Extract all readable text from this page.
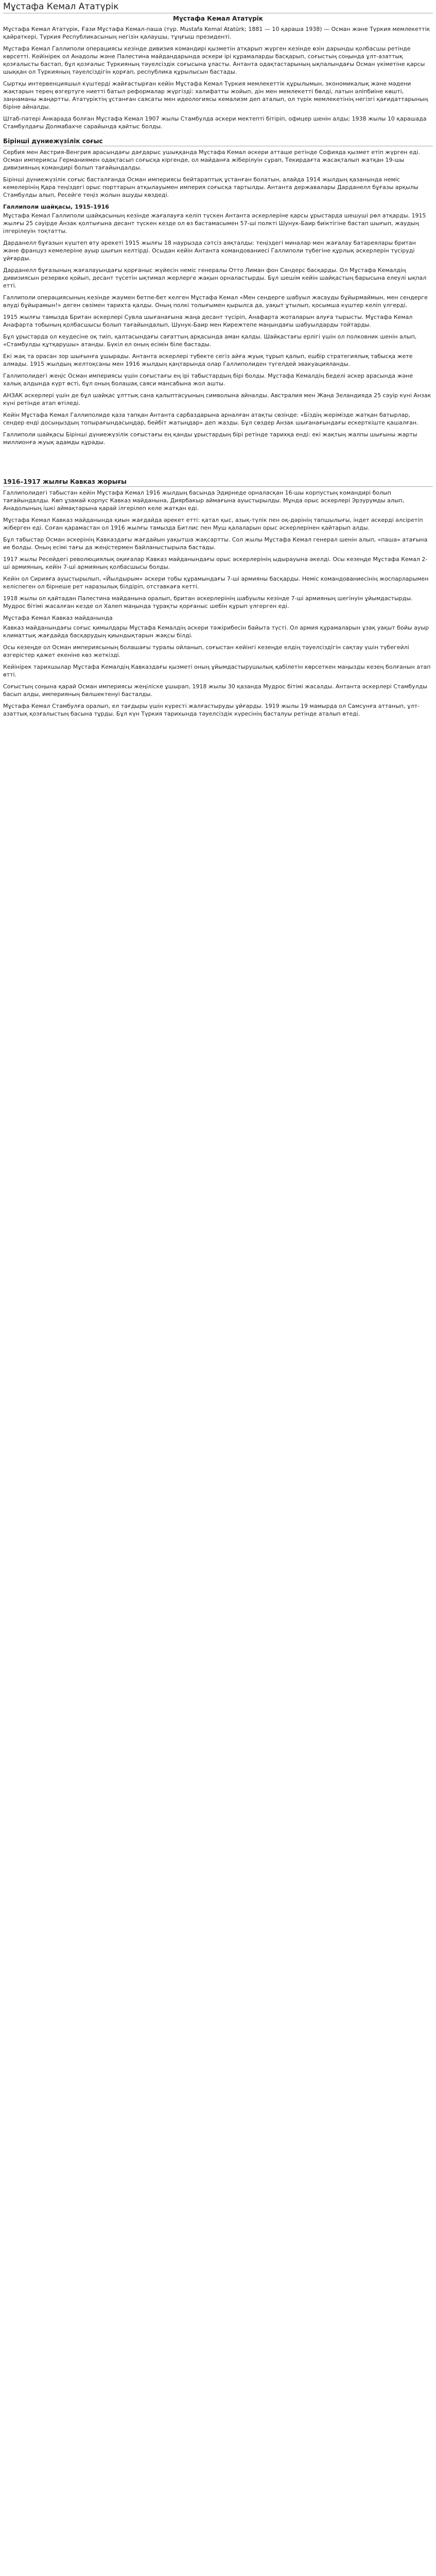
Мұстафа Кемал Ататүрік
Мұстафа Кемал Ататүрік

Мұстафа Кемал Ататүрік, Ғази Мұстафа Кемал-паша (түр. Mustafa Kemal Atatürk; 1881 — 10 қараша 1938) — Осман және Түркия мемлекеттік қайраткері, Түркия Республикасының негізін қалаушы, тұңғыш президенті.

Мұстафа Кемал Галлиполи операциясы кезінде дивизия командирі қызметін атқарып жүрген кезінде өзін дарынды қолбасшы ретінде көрсетті. Кейінірек ол Анадолы және Палестина майдандарында әскери ірі құрамаларды басқарып, соғыстың соңында ұлт-азаттық қозғалысты бастап, бұл қозғалыс Түркияның тәуелсіздік соғысына ұласты. Антанта одақтастарының ықпалындағы Осман үкіметіне қарсы шыққан ол Түркияның тәуелсіздігін қорғап, республика құрылысын бастады.

Сыртқы интервенцияшыл күштерді жайғастырған кейін Мұстафа Кемал Түркия мемлекеттік құрылымын, экономикалық және мәдени жақтарын терең өзгертуге ниетті батыл реформалар жүргізді: халифатты жойып, дін мен мемлекетті бөлді, латын әліпбиіне көшті, заңнаманы жаңартты. Ататүріктің ұстанған саясаты мен идеологиясы кемализм деп аталып, ол түрік мемлекетінің негізгі қағидаттарының біріне айналды.

Штаб-пәтері Анкарада болған Мұстафа Кемал 1907 жылы Стамбулда әскери мектепті бітіріп, офицер шенін алды; 1938 жылы 10 қарашада Стамбулдағы Долмабахче сарайында қайтыс болды.

Бірінші дүниежүзілік соғыс

Сербия мен Австрия-Венгрия арасындағы дағдарыс ушыққанда Мұстафа Кемал әскери атташе ретінде Софияда қызмет етіп жүрген еді. Осман империясы Германиямен одақтасып соғысқа кіргенде, ол майданға жіберілуін сұрап, Текирдағта жасақталып жатқан 19-шы дивизияның командирі болып тағайындалды.

Бірінші дүниежүзілік соғыс басталғанда Осман империясы бейтараптық ұстанған болатын, алайда 1914 жылдың қазанында неміс кемелерінің Қара теңіздегі орыс порттарын атқылауымен империя соғысқа тартылды. Антанта державалары Дарданелл бұғазы арқылы Стамбулды алып, Ресейге теңіз жолын ашуды көздеді.

Галлиполи шайқасы, 1915–1916

Мұстафа Кемал Галлиполи шайқасының кезінде жағалауға келіп түскен Антанта әскерлеріне қарсы ұрыстарда шешуші рөл атқарды. 1915 жылғы 25 сәуірде Анзак қолтығына десант түскен кезде ол өз бастамасымен 57-ші полкті Шунук-Баир биіктігіне бастап шығып, жаудың ілгерілеуін тоқтатты.

Дарданелл бұғазын күштеп өту әрекеті 1915 жылғы 18 наурызда сәтсіз аяқталды: теңіздегі миналар мен жағалау батареялары британ және француз кемелеріне ауыр шығын келтірді. Осыдан кейін Антанта командованиесі Галлиполи түбегіне құрлық әскерлерін түсіруді ұйғарды.

Дарданелл бұғазының жағалауындағы қорғаныс жүйесін неміс генералы Отто Лиман фон Сандерс басқарды. Ол Мұстафа Кемалдің дивизиясын резервке қойып, десант түсетін ықтимал жерлерге жақын орналастырды. Бұл шешім кейін шайқастың барысына елеулі ықпал етті.

Галлиполи операциясының кезінде жаумен бетпе-бет келген Мұстафа Кемал «Мен сендерге шабуыл жасауды бұйырмаймын, мен сендерге өлуді бұйырамын!» деген сөзімен тарихта қалды. Оның полкі толығымен қырылса да, уақыт ұтылып, қосымша күштер келіп үлгерді.

1915 жылғы тамызда Британ әскерлері Сувла шығанағына жаңа десант түсіріп, Анафарта жоталарын алуға тырысты. Мұстафа Кемал Анафарта тобының қолбасшысы болып тағайындалып, Шунук-Баир мен Кирежтепе маңындағы шабуылдарды тойтарды.

Бұл ұрыстарда ол кеудесіне оқ тиіп, қалтасындағы сағаттың арқасында аман қалды. Шайқастағы ерлігі үшін ол полковник шенін алып, «Стамбулды құтқарушы» атанды. Бүкіл ел оның есімін біле бастады.

Екі жақ та орасан зор шығынға ұшырады. Антанта әскерлері түбекте сегіз айға жуық тұрып қалып, ешбір стратегиялық табысқа жете алмады. 1915 жылдың желтоқсаны мен 1916 жылдың қаңтарында олар Галлиполиден түгелдей эвакуацияланды.

Галлиполидегі жеңіс Осман империясы үшін соғыстағы ең ірі табыстардың бірі болды. Мұстафа Кемалдің беделі әскер арасында және халық алдында күрт өсті, бұл оның болашақ саяси мансабына жол ашты.

АНЗАК әскерлері үшін де бұл шайқас ұлттық сана қалыптасуының символына айналды. Австралия мен Жаңа Зеландияда 25 сәуір күні Анзак күні ретінде атап өтіледі.

Кейін Мұстафа Кемал Галлиполиде қаза тапқан Антанта сарбаздарына арналған атақты сөзінде: «Біздің жерімізде жатқан батырлар, сендер енді досыңыздың топырағындасыңдар, бейбіт жатыңдар» деп жазды. Бұл сөздер Анзак шығанағындағы ескерткіште қашалған.

Галлиполи шайқасы Бірінші дүниежүзілік соғыстағы ең қанды ұрыстардың бірі ретінде тарихқа енді: екі жақтың жалпы шығыны жарты миллионға жуық адамды құрады.

1916–1917 жылғы Кавказ жорығы

Галлиполидегі табыстан кейін Мұстафа Кемал 1916 жылдың басында Эдирнеде орналасқан 16-шы корпустың командирі болып тағайындалды. Көп ұзамай корпус Кавказ майданына, Диярбакыр аймағына ауыстырылды. Мұнда орыс әскерлері Эрзурумды алып, Анадолының ішкі аймақтарына қарай ілгерілеп келе жатқан еді.

Мұстафа Кемал Кавказ майданында қиын жағдайда әрекет етті: қатал қыс, азық-түлік пен оқ-дәрінің тапшылығы, індет әскерді әлсіретіп жіберген еді. Соған қарамастан ол 1916 жылғы тамызда Битлис пен Муш қалаларын орыс әскерлерінен қайтарып алды.

Бұл табыстар Осман әскерінің Кавказдағы жағдайын уақытша жақсартты. Сол жылы Мұстафа Кемал генерал шенін алып, «паша» атағына ие болды. Оның есімі тағы да жеңістермен байланыстырыла бастады.

1917 жылы Ресейдегі революциялық оқиғалар Кавказ майданындағы орыс әскерлерінің ыдырауына әкелді. Осы кезеңде Мұстафа Кемал 2-ші армияның, кейін 7-ші армияның қолбасшысы болды.

Кейін ол Сирияға ауыстырылып, «Йылдырым» әскери тобы құрамындағы 7-ші армияны басқарды. Неміс командованиесінің жоспарларымен келіспеген ол бірнеше рет наразылық білдіріп, отставкаға кетті.

1918 жылы ол қайтадан Палестина майданына оралып, британ әскерлерінің шабуылы кезінде 7-ші армияның шегінуін ұйымдастырды. Мудрос бітімі жасалған кезде ол Халеп маңында тұрақты қорғаныс шебін құрып үлгерген еді.

Мұстафа Кемал Кавказ майданында

Кавказ майданындағы соғыс қимылдары Мұстафа Кемалдің әскери тәжірибесін байыта түсті. Ол армия құрамаларын ұзақ уақыт бойы ауыр климаттық жағдайда басқарудың қиындықтарын жақсы білді.

Осы кезеңде ол Осман империясының болашағы туралы ойланып, соғыстан кейінгі кезеңде елдің тәуелсіздігін сақтау үшін түбегейлі өзгерістер қажет екеніне көз жеткізді.

Кейінірек тарихшылар Мұстафа Кемалдің Кавказдағы қызметі оның ұйымдастырушылық қабілетін көрсеткен маңызды кезең болғанын атап өтті.

Соғыстың соңына қарай Осман империясы жеңіліске ұшырап, 1918 жылы 30 қазанда Мудрос бітімі жасалды. Антанта әскерлері Стамбулды басып алды, империяның бөлшектенуі басталды.

Мұстафа Кемал Стамбулға оралып, ел тағдыры үшін күресті жалғастыруды ұйғарды. 1919 жылы 19 мамырда ол Самсунға аттанып, ұлт-азаттық қозғалыстың басына тұрды. Бұл күн Түркия тарихында тәуелсіздік күресінің басталуы ретінде аталып өтеді.
